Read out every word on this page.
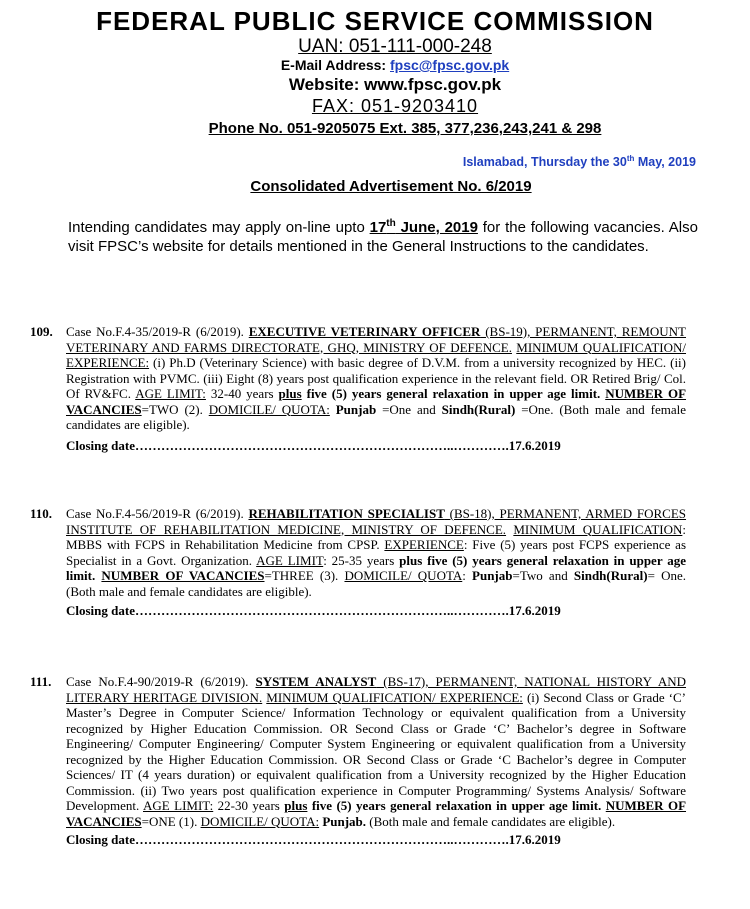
FEDERAL PUBLIC SERVICE COMMISSION
UAN: 051-111-000-248
E-Mail Address: fpsc@fpsc.gov.pk
Website: www.fpsc.gov.pk
FAX: 051-9203410
Phone No. 051-9205075 Ext. 385, 377,236,243,241 & 298
Islamabad, Thursday the 30th May, 2019
Consolidated Advertisement No. 6/2019
Intending candidates may apply on-line upto 17th June, 2019 for the following vacancies. Also visit FPSC’s website for details mentioned in the General Instructions to the candidates.
109. Case No.F.4-35/2019-R (6/2019). EXECUTIVE VETERINARY OFFICER (BS-19), PERMANENT, REMOUNT VETERINARY AND FARMS DIRECTORATE, GHQ, MINISTRY OF DEFENCE. MINIMUM QUALIFICATION/ EXPERIENCE: (i) Ph.D (Veterinary Science) with basic degree of D.V.M. from a university recognized by HEC. (ii) Registration with PVMC. (iii) Eight (8) years post qualification experience in the relevant field. OR Retired Brig/ Col. Of RV&FC. AGE LIMIT: 32-40 years plus five (5) years general relaxation in upper age limit. NUMBER OF VACANCIES=TWO (2). DOMICILE/ QUOTA: Punjab =One and Sindh(Rural) =One. (Both male and female candidates are eligible).
Closing date………………………………………………………………..………….17.6.2019
110. Case No.F.4-56/2019-R (6/2019). REHABILITATION SPECIALIST (BS-18), PERMANENT, ARMED FORCES INSTITUTE OF REHABILITATION MEDICINE, MINISTRY OF DEFENCE. MINIMUM QUALIFICATION: MBBS with FCPS in Rehabilitation Medicine from CPSP. EXPERIENCE: Five (5) years post FCPS experience as Specialist in a Govt. Organization. AGE LIMIT: 25-35 years plus five (5) years general relaxation in upper age limit. NUMBER OF VACANCIES=THREE (3). DOMICILE/ QUOTA: Punjab=Two and Sindh(Rural)= One. (Both male and female candidates are eligible).
Closing date………………………………………………………………..………….17.6.2019
111. Case No.F.4-90/2019-R (6/2019). SYSTEM ANALYST (BS-17), PERMANENT, NATIONAL HISTORY AND LITERARY HERITAGE DIVISION. MINIMUM QUALIFICATION/ EXPERIENCE: (i) Second Class or Grade ‘C’ Master’s Degree in Computer Science/ Information Technology or equivalent qualification from a University recognized by Higher Education Commission. OR Second Class or Grade ‘C’ Bachelor’s degree in Software Engineering/ Computer Engineering/ Computer System Engineering or equivalent qualification from a University recognized by the Higher Education Commission. OR Second Class or Grade ‘C Bachelor’s degree in Computer Sciences/ IT (4 years duration) or equivalent qualification from a University recognized by the Higher Education Commission. (ii) Two years post qualification experience in Computer Programming/ Systems Analysis/ Software Development. AGE LIMIT: 22-30 years plus five (5) years general relaxation in upper age limit. NUMBER OF VACANCIES=ONE (1). DOMICILE/ QUOTA: Punjab. (Both male and female candidates are eligible).
Closing date………………………………………………………………..………….17.6.2019
